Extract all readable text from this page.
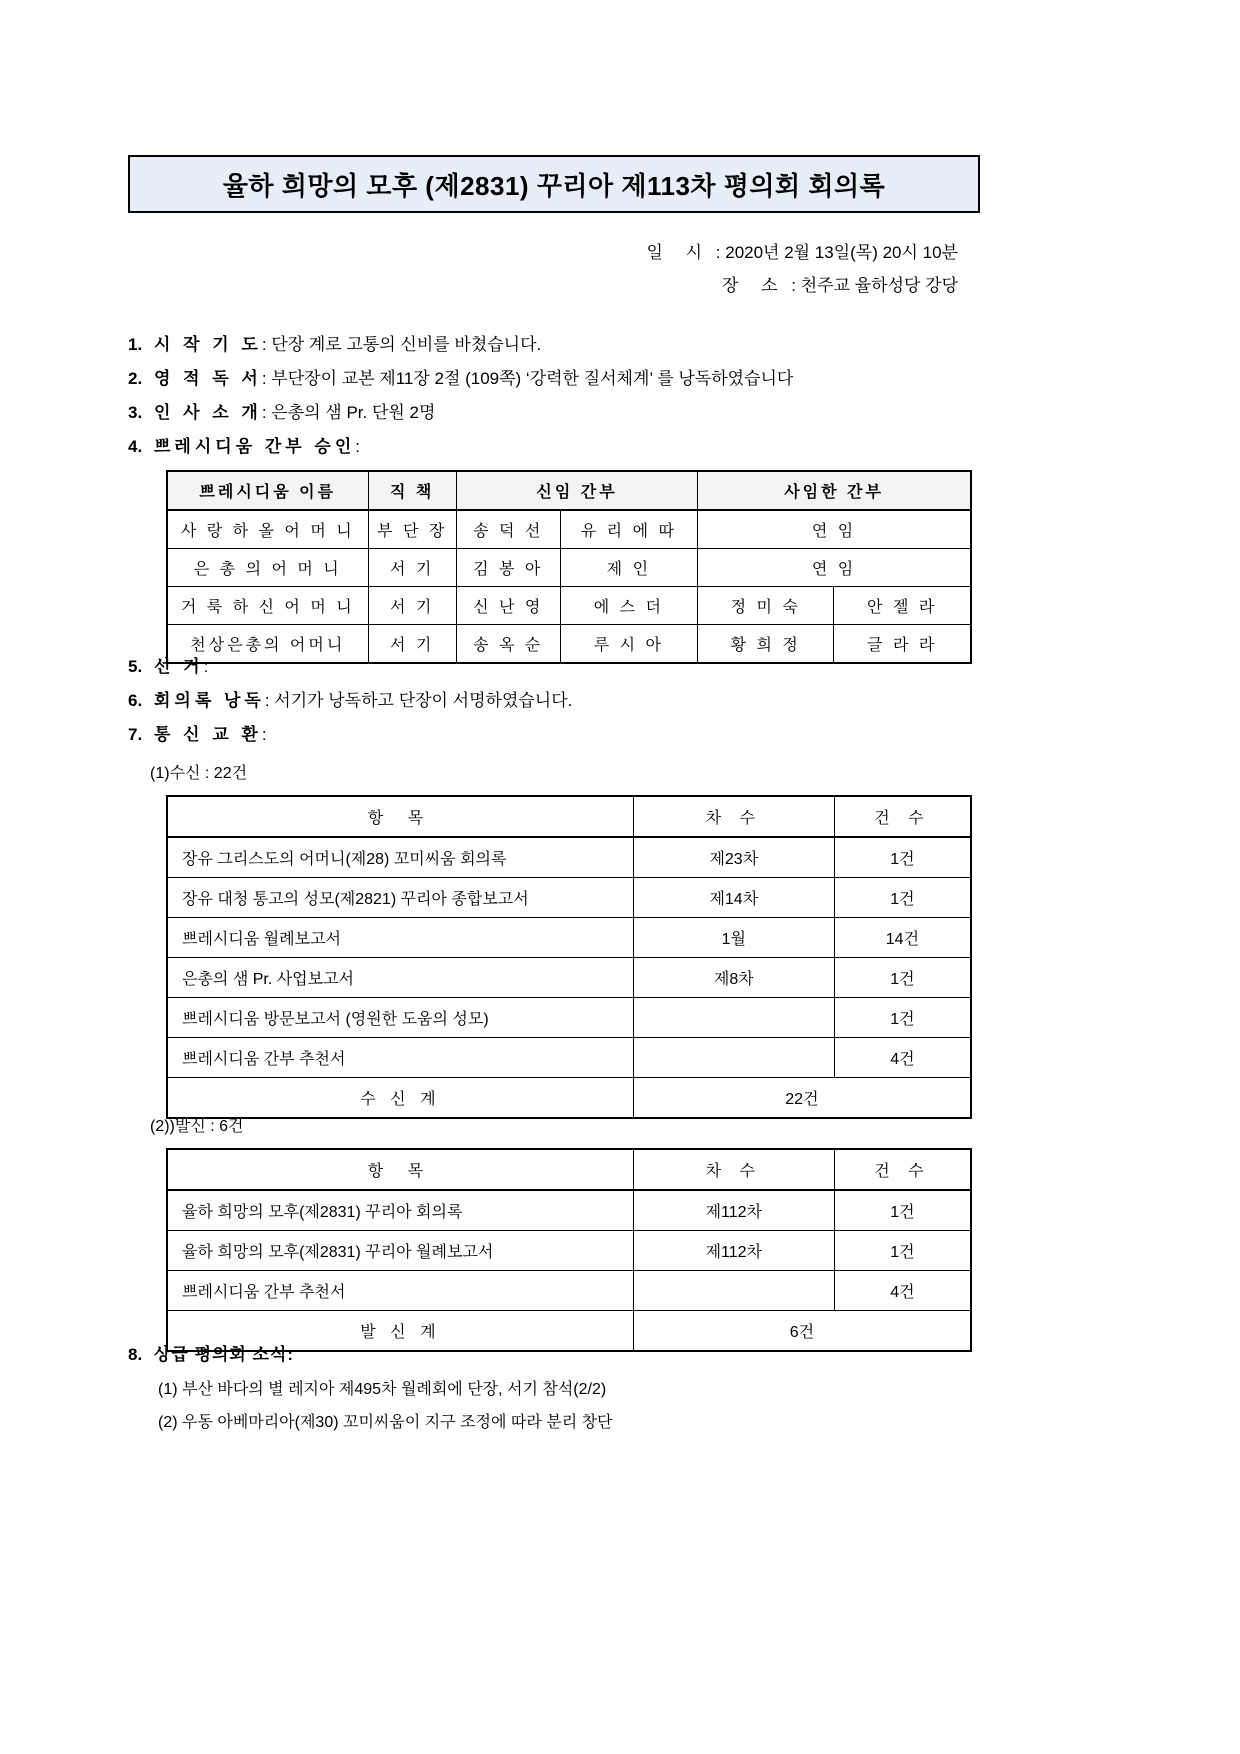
율하 희망의 모후 (제2831) 꾸리아 제113차 평의회 회의록
일 시 : 2020년 2월 13일(목) 20시 10분
장 소 : 천주교 율하성당 강당
1. 시 작 기 도 : 단장 계로 고통의 신비를 바쳤습니다.
2. 영 적 독 서 : 부단장이 교본 제11장 2절 (109쪽) ‘강력한 질서체계’ 를 낭독하였습니다
3. 인 사 소 개 : 은총의 샘 Pr. 단원 2명
4. 쁘레시디움 간부 승인 :
쁘레시디움 이름	직 책	신임 간부		사임한 간부	
사 랑 하 올 어 머 니	부 단 장	송 덕 선	유 리 에 따	연 임	
은 총 의 어 머 니	서 기	김 봉 아	제 인	연 임	
거 룩 하 신 어 머 니	서 기	신 난 영	에 스 더	정 미 숙	안 젤 라
천상은총의 어머니	서 기	송 옥 순	루 시 아	황 희 정	글 라 라
5. 선 거 :
6. 회의록 낭독 : 서기가 낭독하고 단장이 서명하였습니다.
7. 통 신 교 환 :
(1)수신 : 22건
항 목	차 수	건 수
장유 그리스도의 어머니(제28) 꼬미씨움 회의록	제23차	1건
장유 대청 통고의 성모(제2821) 꾸리아 종합보고서	제14차	1건
쁘레시디움 월례보고서	1월	14건
은총의 샘 Pr. 사업보고서	제8차	1건
쁘레시디움 방문보고서 (영원한 도움의 성모)		1건
쁘레시디움 간부 추천서		4건
수 신 계	22건	
(2))발신 : 6건
항 목	차 수	건 수
율하 희망의 모후(제2831) 꾸리아 회의록	제112차	1건
율하 희망의 모후(제2831) 꾸리아 월례보고서	제112차	1건
쁘레시디움 간부 추천서		4건
발 신 계	6건	
8. 상급 평의회 소식 :
(1) 부산 바다의 별 레지아 제495차 월례회에 단장, 서기 참석(2/2)
(2) 우동 아베마리아(제30) 꼬미씨움이 지구 조정에 따라 분리 창단
